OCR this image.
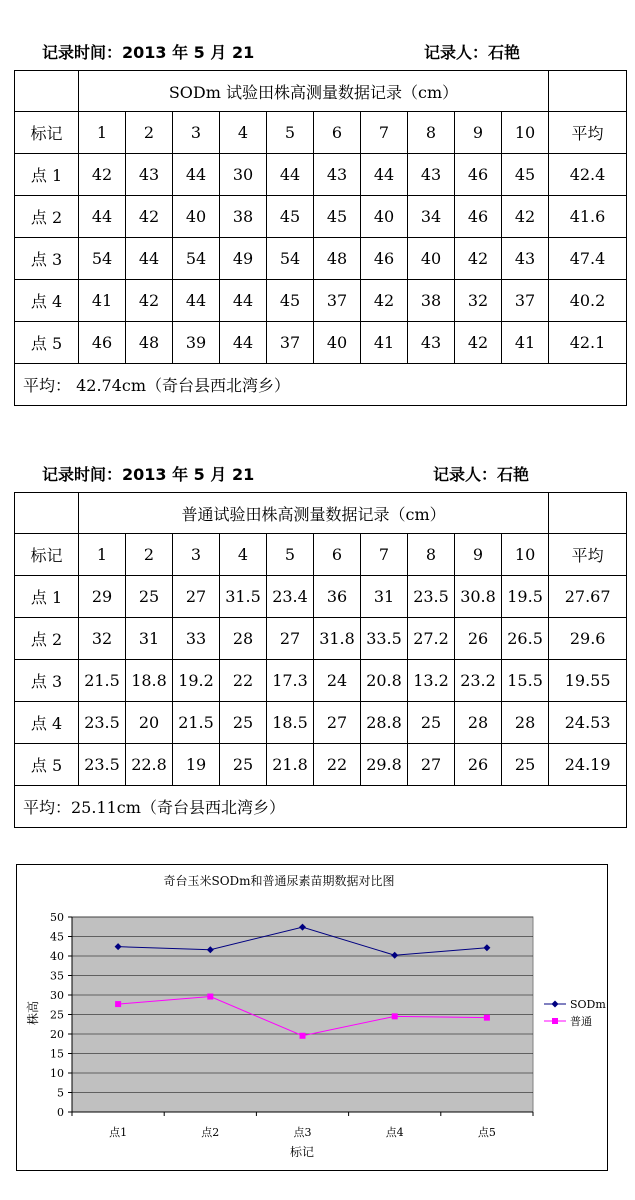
记录时间：2013 年 5 月 21	记录人：石艳
	SODm 试验田株高测量数据记录（cm）										
标记	1	2	3	4	5	6	7	8	9	10	平均
点 1	42	43	44	30	44	43	44	43	46	45	42.4
点 2	44	42	40	38	45	45	40	34	46	42	41.6
点 3	54	44	54	49	54	48	46	40	42	43	47.4
点 4	41	42	44	44	45	37	42	38	32	37	40.2
点 5	46	48	39	44	37	40	41	43	42	41	42.1
平均： 42.74cm（奇台县西北湾乡）											
记录时间：2013 年 5 月 21	记录人：石艳
	普通试验田株高测量数据记录（cm）										
标记	1	2	3	4	5	6	7	8	9	10	平均
点 1	29	25	27	31.5	23.4	36	31	23.5	30.8	19.5	27.67
点 2	32	31	33	28	27	31.8	33.5	27.2	26	26.5	29.6
点 3	21.5	18.8	19.2	22	17.3	24	20.8	13.2	23.2	15.5	19.55
点 4	23.5	20	21.5	25	18.5	27	28.8	25	28	28	24.53
点 5	23.5	22.8	19	25	21.8	22	29.8	27	26	25	24.19
平均：25.11cm（奇台县西北湾乡）											
奇台玉米SODm和普通尿素苗期数据对比图
0
5
10
15
20
25
30
35
40
45
50
点1	点2	点3	点4	点5
标记
株高	SODm
普通
